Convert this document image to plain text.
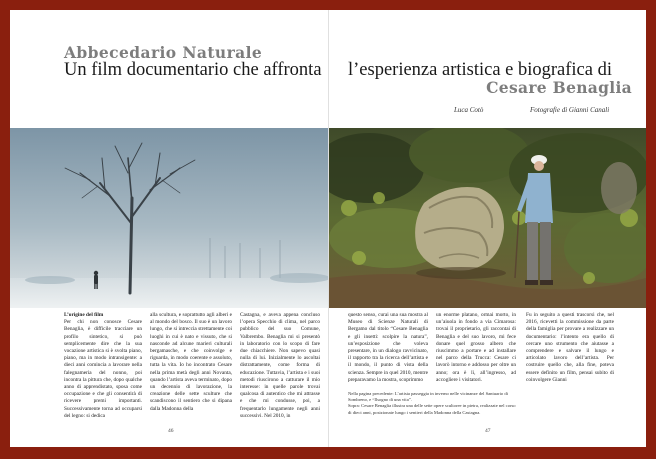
Abbecedario Naturale
Un film documentario che affronta l’esperienza artistica e biografica di
Cesare Benaglia
Luca Cotò	Fotografie di Gianni Canali
L’origine del film
Per chi non conosce Cesare Benaglia, è difficile tracciare un profilo sintetico, si può semplicemente dire che la sua vocazione artistica si è svolta piano, piano, ma in modo intransigente: a dieci anni comincia a lavorare nella falegnameria del nonno, poi incontra la pittura che, dopo qualche anno di apprendistato, sposa come occupazione e che gli consentirà di ricevere premi importanti. Successivamente torna ad occuparsi del legno: si dedica
alla scultura, e soprattutto agli alberi e al mondo del bosco. Il suo è un lavoro lungo, che si intreccia strettamente coi luoghi in cui è nato e vissuto, che si nasconde ad alcune marieri culturali bergamasche, e che coinvolge e riguarda, in modo coerente e assoluto, tutta la vita. Io ho incontrato Cesare nella prima metà degli anni Novanta, quando l’artista aveva terminato, dopo un decennio di lavorazione, la creazione delle sette sculture che scandiscono il sentiero che si dipana dalla Madonna della
Castagna, e aveva appena concluso l’opera Specchio di clima, nel parco pubblico del suo Comune, Valbrembo. Benaglia mi si presentò in laboratorio con lo scopo di fare due chiacchiere. Non sapevo quasi nulla di lui. Inizialmente lo ascoltai distrattamente, come forma di educazione. Tuttavia, l’artista e i suoi metodi riuscirono a catturare il mio interesse: in quelle parole trovai qualcosa di autentico che mi attrasse e che mi condusse, poi, a frequentarlo lungamente negli anni successivi. Nel 2010, in
questo senso, curai una sua mostra al Museo di Scienze Naturali di Bergamo dal titolo “Cesare Benaglia e gli insetti: scolpire la natura”, un’esposizione che voleva presentare, in un dialogo ravvicinato, il rapporto tra la ricerca dell’artista e il mondo, il punto di vista della scienza. Sempre in quel 2010, mentre preparavamo la mostra, scoprimmo
un enorme platano, ormai morto, in un’aiuola in fondo a via Cimarosa: trovai il proprietario, gli raccontai di Benaglia e del suo lavoro, mi fece donare quel grosso albero che riuscimmo a portare e ad installare nel parco della Trucca: Cesare ci lavorò intorno e addosso per oltre un anno; ora è lì, all’ingresso, ad accogliere i visitatori.
Fu in seguito a questi trascorsi che, nel 2016, ricevetti la commissione da parte della famiglia per provare a realizzare un documentario: l’intento era quello di cercare uno strumento che aiutasse a comprendere e salvare il lungo e articolato lavoro dell’artista. Per costruire quello che, alla fine, poteva essere definito un film, pensai subito di coinvolgere Gianni
Nella pagina precedente: L’artista passeggia in inverno nelle vicinanze del Santuario di Sombreno, e “Ilsogno di una vita”.
Sopra: Cesare Benaglia illustra una delle sette opere scultoree in pietra, realizzate nel corso di dieci anni, posizionate lungo i sentieri della Madonna della Castagna.
46	47
